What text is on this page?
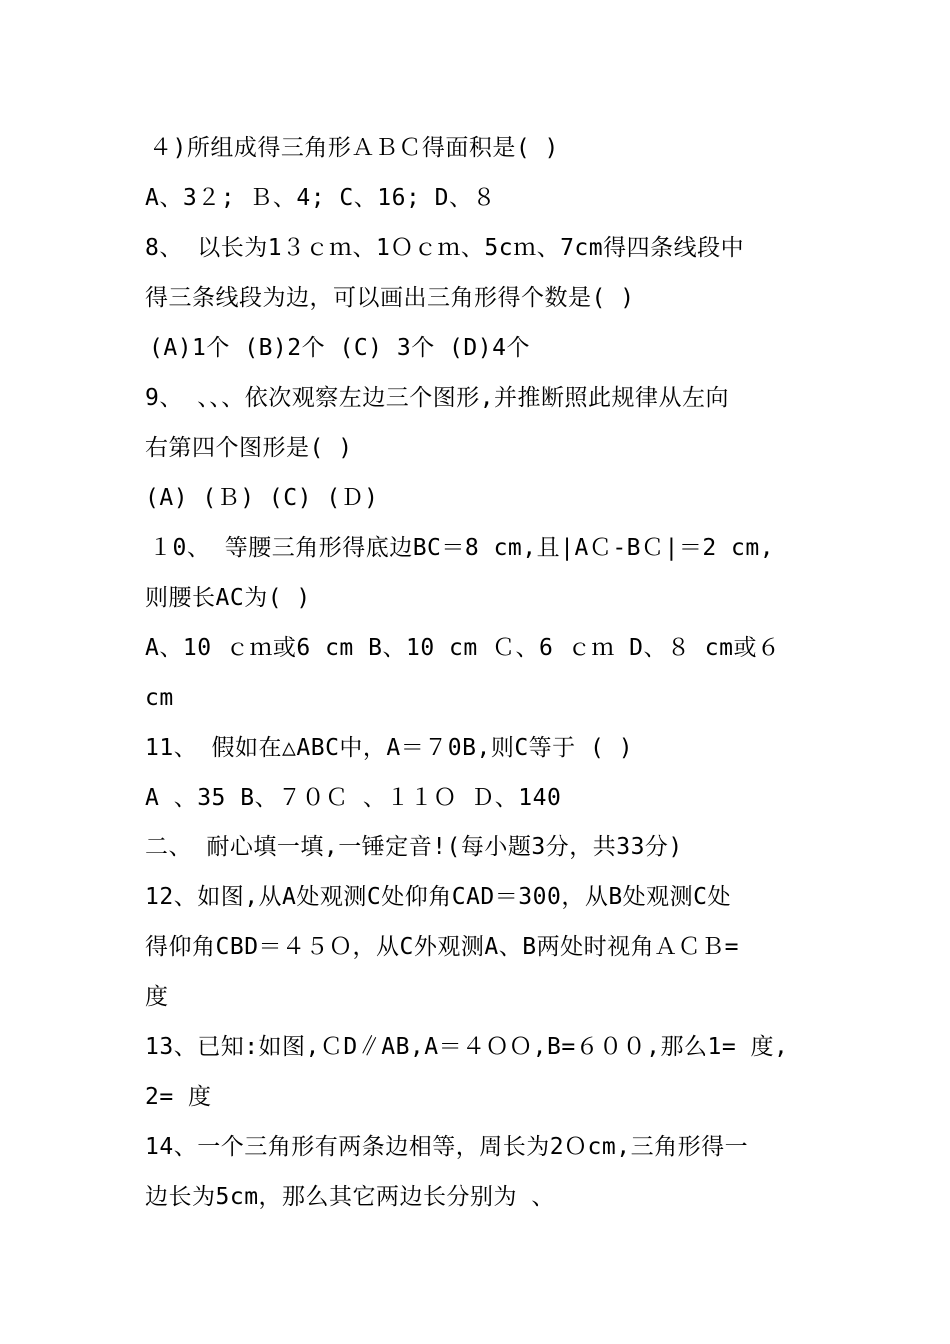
４)所组成得三角形ＡＢＣ得面积是( )
A、3２; Ｂ、4; C、16; D、８
8、 以长为1３ｃｍ、1Ｏｃｍ、5cｍ、7cm得四条线段中
得三条线段为边，可以画出三角形得个数是( )
(A)1个 (B)2个 (C) 3个 (D)4个
9、 、、、依次观察左边三个图形,并推断照此规律从左向
右第四个图形是( )
(A) (Ｂ) (C) (Ｄ)
１0、 等腰三角形得底边BC＝8 cm,且|AＣ-BＣ|＝2 cm,
则腰长AC为( )
A、10 ｃｍ或6 cm B、10 cm Ｃ、6 ｃｍ D、８ cm或６
cm
11、 假如在△ABC中，A＝７0B,则C等于 ( )
A 、35 B、７０Ｃ 、１１Ｏ Ｄ、140
二、 耐心填一填,一锤定音!(每小题3分，共33分)
12、如图,从A处观测C处仰角CAD＝300，从B处观测C处
得仰角CBD＝４５Ｏ，从C外观测A、B两处时视角ＡＣＢ=
度
13、已知:如图,ＣD∥AB,A＝４ＯＯ,B=６００,那么1= 度,
2= 度
14、一个三角形有两条边相等，周长为2Ｏcm,三角形得一
边长为5cm，那么其它两边长分别为 、
